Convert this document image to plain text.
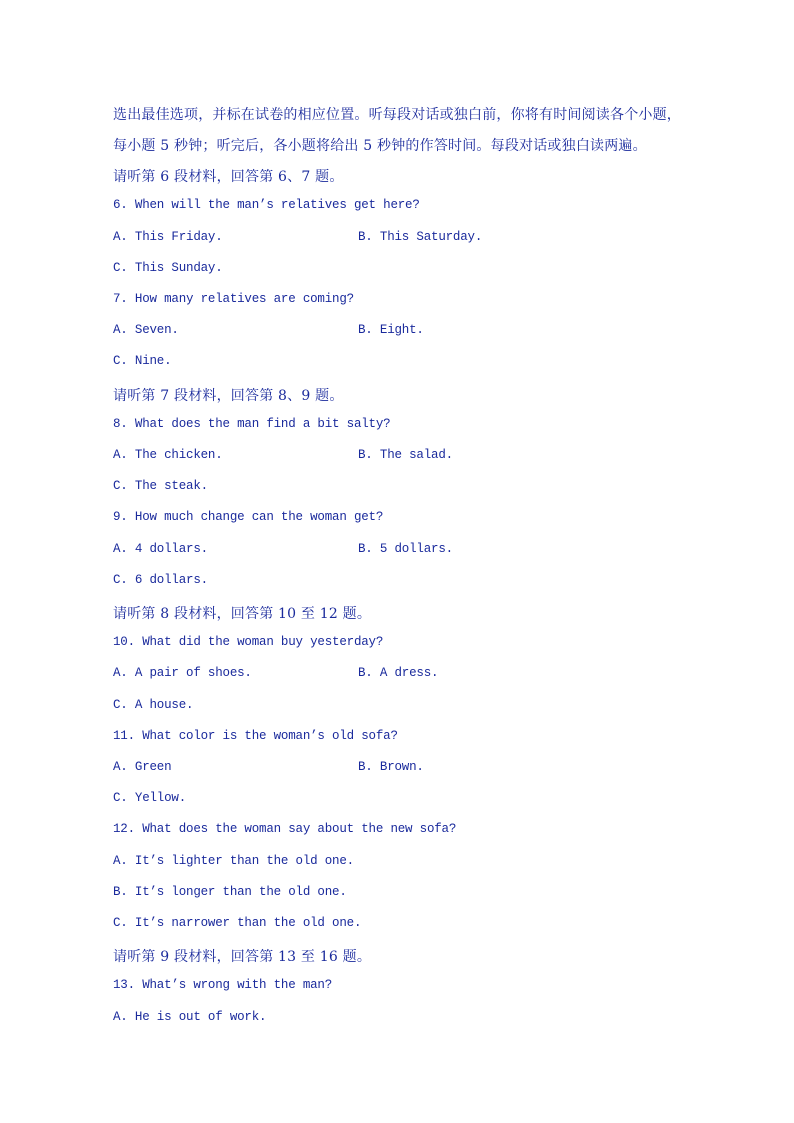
选出最佳选项，并标在试卷的相应位置。听每段对话或独白前，你将有时间阅读各个小题，
每小题 5 秒钟；听完后，各小题将给出 5 秒钟的作答时间。每段对话或独白读两遍。
请听第 6 段材料，回答第 6、7 题。
6. When will the man’s relatives get here?
A. This Friday.	B. This Saturday.
C. This Sunday.
7. How many relatives are coming?
A. Seven.	B. Eight.
C. Nine.
请听第 7 段材料，回答第 8、9 题。
8. What does the man find a bit salty?
A. The chicken.	B. The salad.
C. The steak.
9. How much change can the woman get?
A. 4 dollars.	B. 5 dollars.
C. 6 dollars.
请听第 8 段材料，回答第 10 至 12 题。
10. What did the woman buy yesterday?
A. A pair of shoes.	B. A dress.
C. A house.
11. What color is the woman’s old sofa?
A. Green	B. Brown.
C. Yellow.
12. What does the woman say about the new sofa?
A. It’s lighter than the old one.
B. It’s longer than the old one.
C. It’s narrower than the old one.
请听第 9 段材料，回答第 13 至 16 题。
13. What’s wrong with the man?
A. He is out of work.
